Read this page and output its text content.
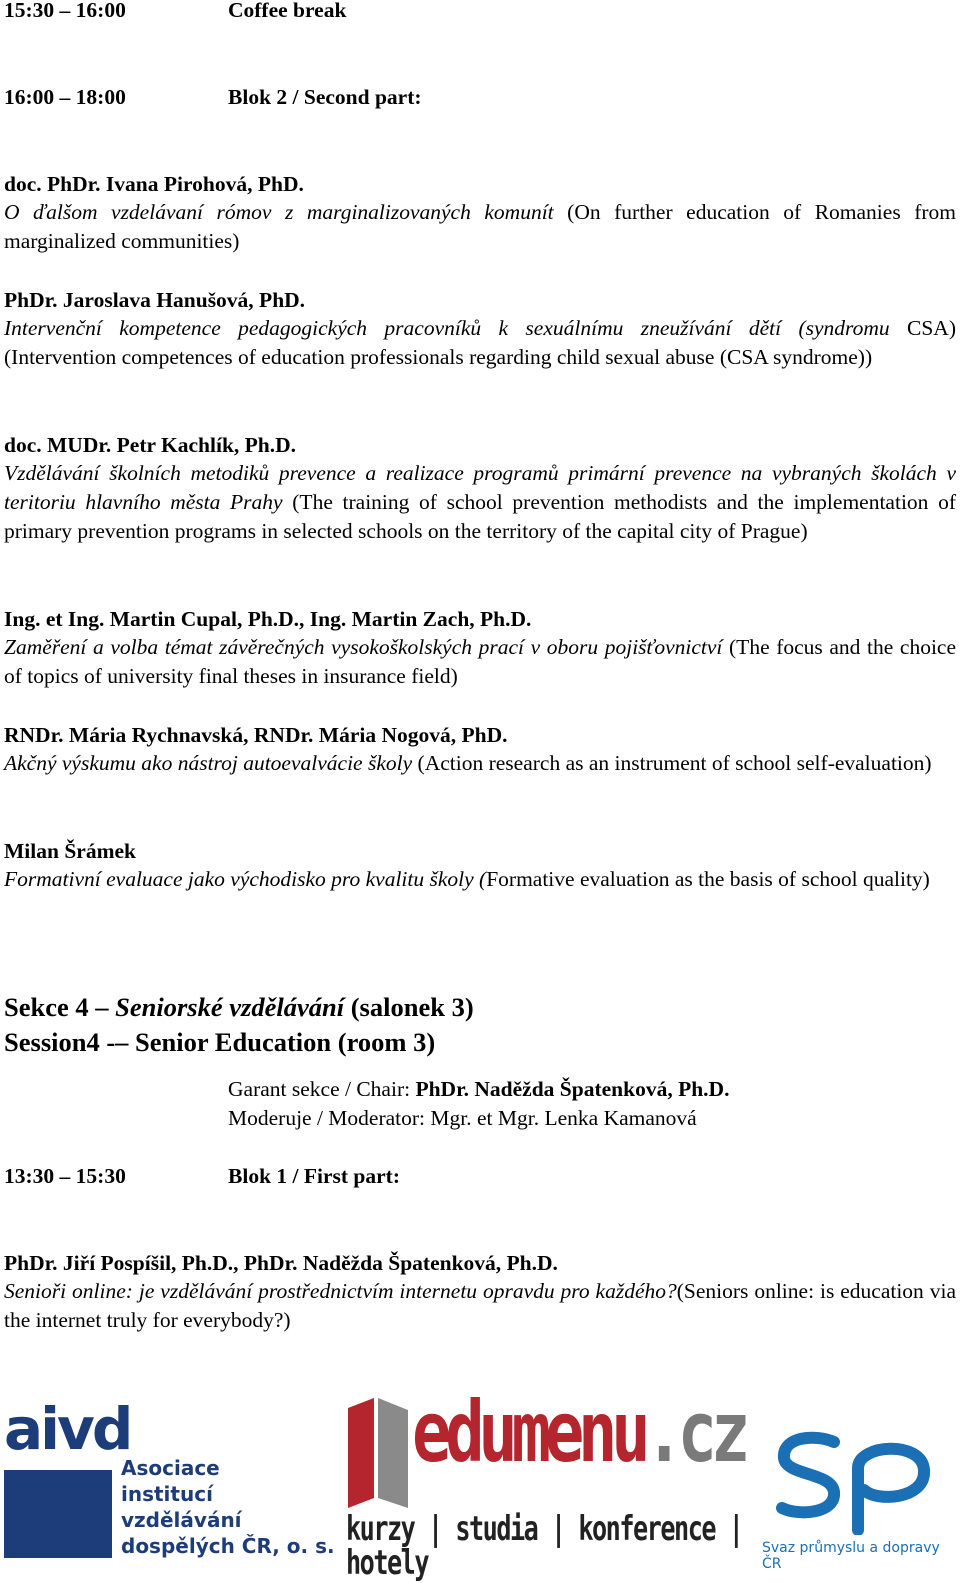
15:30 – 16:00	Coffee break
16:00 – 18:00	Blok 2 / Second part:
doc. PhDr. Ivana Pirohová, PhD.
O ďalšom vzdelávaní rómov z marginalizovaných komunít (On further education of Romanies from marginalized communities)
PhDr. Jaroslava Hanušová, PhD.
Intervenční kompetence pedagogických pracovníků k sexuálnímu zneužívání dětí (syndromu CSA) (Intervention competences of education professionals regarding child sexual abuse (CSA syndrome))
doc. MUDr. Petr Kachlík, Ph.D.
Vzdělávání školních metodiků prevence a realizace programů primární prevence na vybraných školách v teritoriu hlavního města Prahy (The training of school prevention methodists and the implementation of primary prevention programs in selected schools on the territory of the capital city of Prague)
Ing. et Ing. Martin Cupal, Ph.D., Ing. Martin Zach, Ph.D.
Zaměření a volba témat závěrečných vysokoškolských prací v oboru pojišťovnictví (The focus and the choice of topics of university final theses in insurance field)
RNDr. Mária Rychnavská, RNDr. Mária Nogová, PhD.
Akčný výskumu ako nástroj autoevalvácie školy (Action research as an instrument of school self-evaluation)
Milan Šrámek
Formativní evaluace jako východisko pro kvalitu školy (Formative evaluation as the basis of school quality)
Sekce 4 – Seniorské vzdělávání (salonek 3)
Session4 -– Senior Education (room 3)
Garant sekce / Chair: PhDr. Naděžda Špatenková, Ph.D.
Moderuje / Moderator: Mgr. et Mgr. Lenka Kamanová
13:30 – 15:30	Blok 1 / First part:
PhDr. Jiří Pospíšil, Ph.D., PhDr. Naděžda Špatenková, Ph.D.
Senioři online: je vzdělávání prostřednictvím internetu opravdu pro každého?(Seniors online: is education via the internet truly for everybody?)
aivd
Asociace
institucí
vzdělávání
dospělých ČR, o. s.
edumenu.cz
kurzy | studia | konference | hotely	Svaz průmyslu a dopravy ČR
